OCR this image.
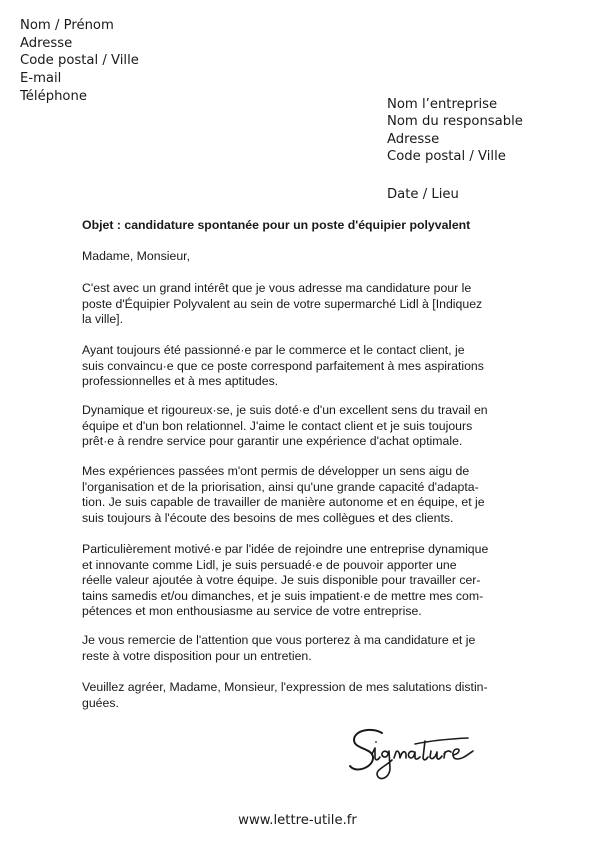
Nom / Prénom
Adresse
Code postal / Ville
E-mail
Téléphone
Nom l’entreprise
Nom du responsable
Adresse
Code postal / Ville
Date / Lieu
Objet : candidature spontanée pour un poste d'équipier polyvalent
Madame, Monsieur,
C'est avec un grand intérêt que je vous adresse ma candidature pour le
poste d'Équipier Polyvalent au sein de votre supermarché Lidl à [Indiquez
la ville].
Ayant toujours été passionné·e par le commerce et le contact client, je
suis convaincu·e que ce poste correspond parfaitement à mes aspirations
professionnelles et à mes aptitudes.
Dynamique et rigoureux·se, je suis doté·e d'un excellent sens du travail en
équipe et d'un bon relationnel. J'aime le contact client et je suis toujours
prêt·e à rendre service pour garantir une expérience d'achat optimale.
Mes expériences passées m'ont permis de développer un sens aigu de
l'organisation et de la priorisation, ainsi qu'une grande capacité d'adapta-
tion. Je suis capable de travailler de manière autonome et en équipe, et je
suis toujours à l'écoute des besoins de mes collègues et des clients.
Particulièrement motivé·e par l'idée de rejoindre une entreprise dynamique
et innovante comme Lidl, je suis persuadé·e de pouvoir apporter une
réelle valeur ajoutée à votre équipe. Je suis disponible pour travailler cer-
tains samedis et/ou dimanches, et je suis impatient·e de mettre mes com-
pétences et mon enthousiasme au service de votre entreprise.
Je vous remercie de l'attention que vous porterez à ma candidature et je
reste à votre disposition pour un entretien.
Veuillez agréer, Madame, Monsieur, l'expression de mes salutations distin-
guées.
www.lettre-utile.fr
